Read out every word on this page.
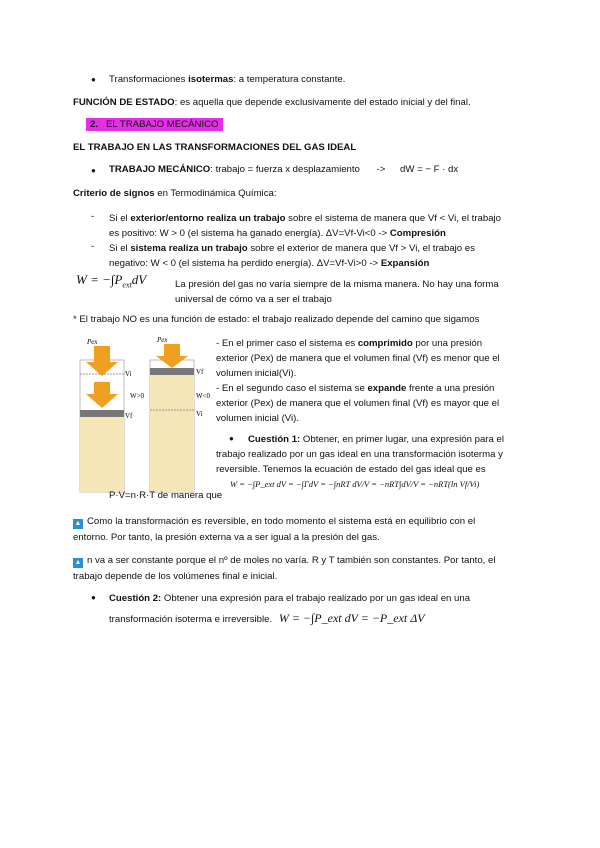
● Transformaciones isotermas: a temperatura constante.
FUNCIÓN DE ESTADO: es aquella que depende exclusivamente del estado inicial y del final.
2. EL TRABAJO MECÁNICO
EL TRABAJO EN LAS TRANSFORMACIONES DEL GAS IDEAL
● TRABAJO MECÁNICO: trabajo = fuerza x desplazamiento -> dW = − F · dx
Criterio de signos en Termodinámica Química:
- Si el exterior/entorno realiza un trabajo sobre el sistema de manera que Vf < Vi, el trabajo
es positivo: W > 0 (el sistema ha ganado energía). ΔV=Vf-Vi<0 -> Compresión
- Si el sistema realiza un trabajo sobre el exterior de manera que Vf > Vi, el trabajo es
negativo: W < 0 (el sistema ha perdido energía). ΔV=Vf-Vi>0 -> Expansión
$W = -\int P_{ext}dV$	La presión del gas no varía siempre de la misma manera. No hay una forma
universal de cómo va a ser el trabajo
* El trabajo NO es una función de estado: el trabajo realizado depende del camino que sigamos
Pex
Vi
W>0
Vf
Pex
Vf
W<0
Vi
- En el primer caso el sistema es comprimido por una presión
exterior (Pex) de manera que el volumen final (Vf) es menor que el
volumen inicial(Vi).
- En el segundo caso el sistema se expande frente a una presión
exterior (Pex) de manera que el volumen final (Vf) es mayor que el
volumen inicial (Vi).
●	Cuestión 1: Obtener, en primer lugar, una expresión para el
trabajo realizado por un gas ideal en una transformación isoterma y
reversible. Tenemos la ecuación de estado del gas ideal que es
P·V=n·R·T de manera que
W = −∫P_ext dV = −∫ΓdV = −∫nRT dV/V = −nRT∫dV/V = −nRT(ln Vf/Vi)
▲ Como la transformación es reversible, en todo momento el sistema está en equilibrio con el
entorno. Por tanto, la presión externa va a ser igual a la presión del gas.
▲ n va a ser constante porque el nº de moles no varía. R y T también son constantes. Por tanto, el
trabajo depende de los volúmenes final e inicial.
● Cuestión 2: Obtener una expresión para el trabajo realizado por un gas ideal en una
transformación isoterma e irreversible. W = −∫P_ext dV = −P_ext ΔV
